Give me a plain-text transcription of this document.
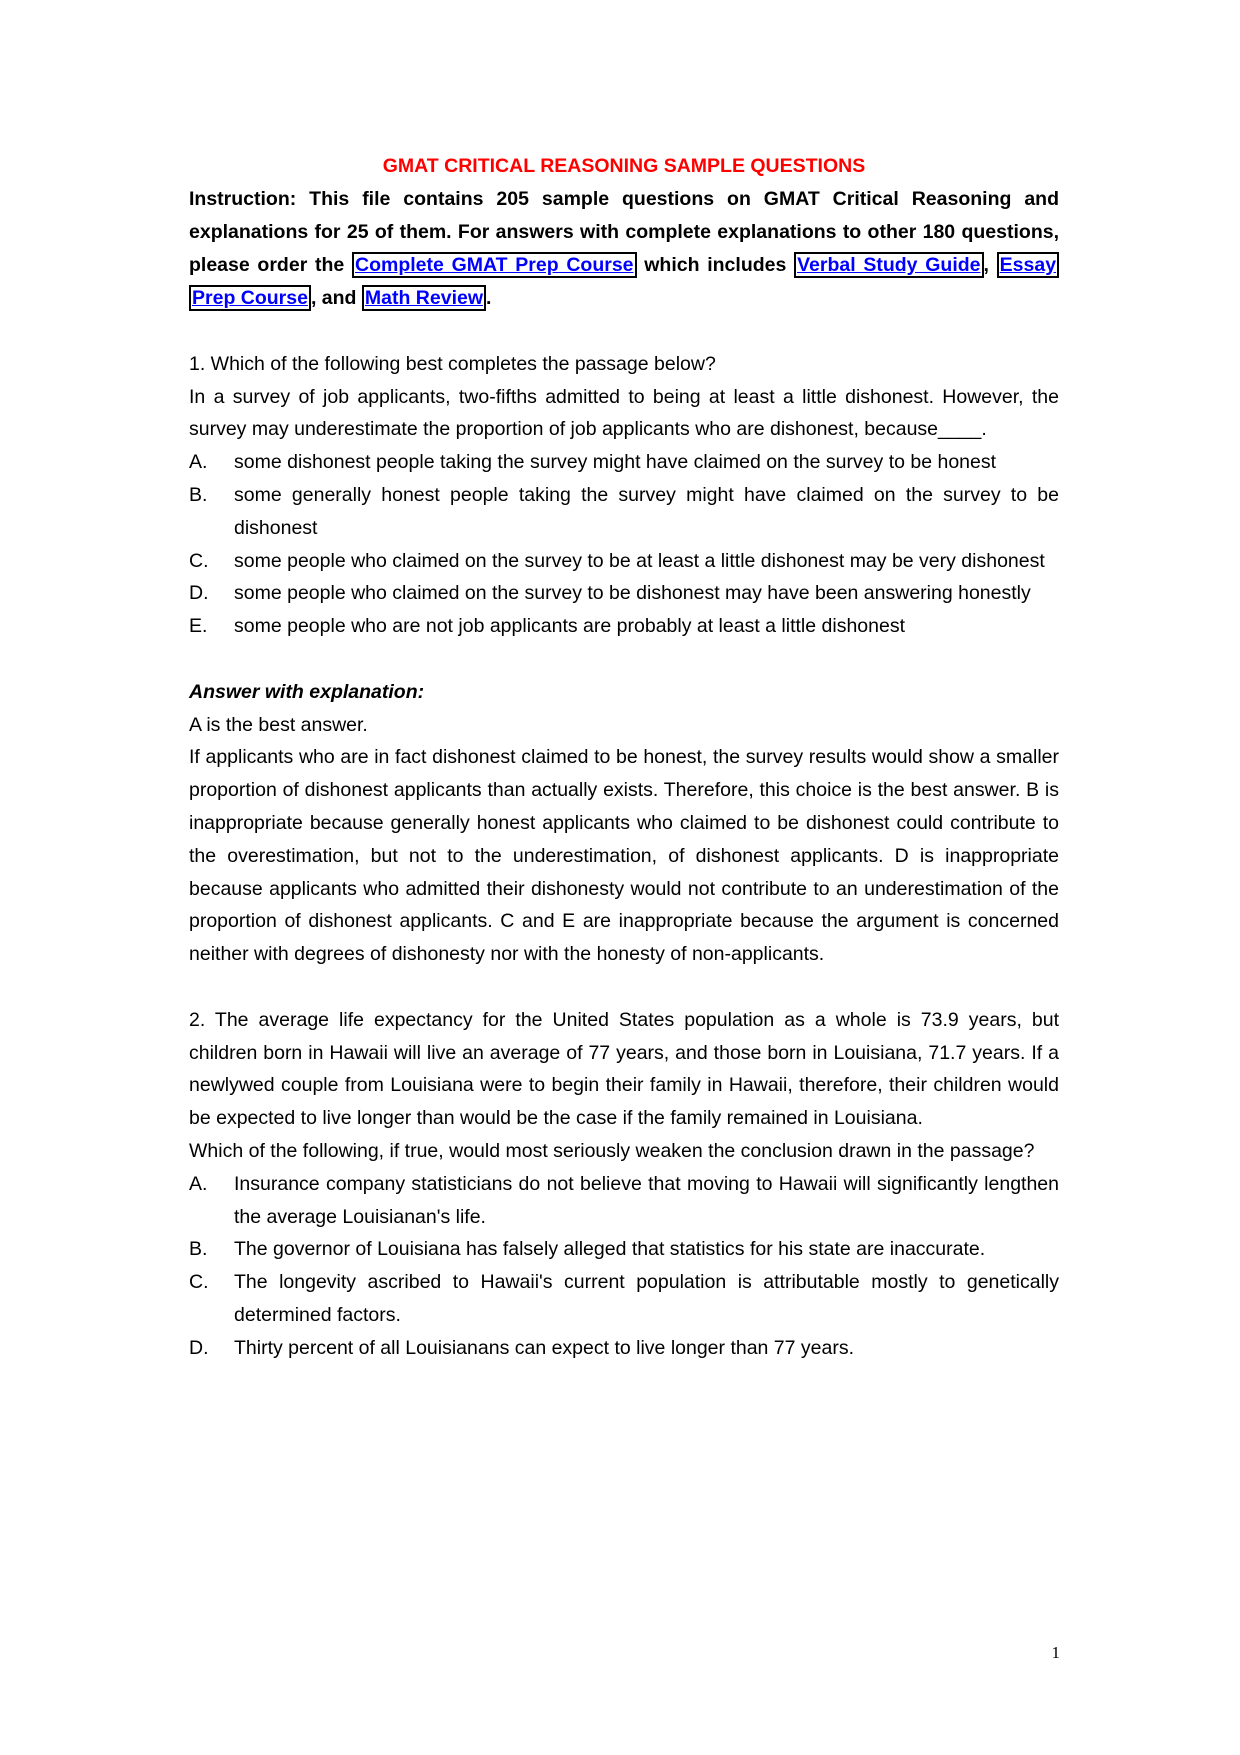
GMAT CRITICAL REASONING SAMPLE QUESTIONS
Instruction: This file contains 205 sample questions on GMAT Critical Reasoning and explanations for 25 of them. For answers with complete explanations to other 180 questions, please order the Complete GMAT Prep Course which includes Verbal Study Guide , Essay Prep Course , and Math Review .

1. Which of the following best completes the passage below?

In a survey of job applicants, two-fifths admitted to being at least a little dishonest. However, the survey may underestimate the proportion of job applicants who are dishonest, because____.

A.	some dishonest people taking the survey might have claimed on the survey to be honest
B.	some generally honest people taking the survey might have claimed on the survey to be dishonest
C.	some people who claimed on the survey to be at least a little dishonest may be very dishonest
D.	some people who claimed on the survey to be dishonest may have been answering honestly
E.	some people who are not job applicants are probably at least a little dishonest

Answer with explanation:

A is the best answer.

If applicants who are in fact dishonest claimed to be honest, the survey results would show a smaller proportion of dishonest applicants than actually exists. Therefore, this choice is the best answer. B is inappropriate because generally honest applicants who claimed to be dishonest could contribute to the overestimation, but not to the underestimation, of dishonest applicants. D is inappropriate because applicants who admitted their dishonesty would not contribute to an underestimation of the proportion of dishonest applicants. C and E are inappropriate because the argument is concerned neither with degrees of dishonesty nor with the honesty of non-applicants.

2. The average life expectancy for the United States population as a whole is 73.9 years, but children born in Hawaii will live an average of 77 years, and those born in Louisiana, 71.7 years. If a newlywed couple from Louisiana were to begin their family in Hawaii, therefore, their children would be expected to live longer than would be the case if the family remained in Louisiana.

Which of the following, if true, would most seriously weaken the conclusion drawn in the passage?

A.	Insurance company statisticians do not believe that moving to Hawaii will significantly lengthen the average Louisianan's life.
B.	The governor of Louisiana has falsely alleged that statistics for his state are inaccurate.
C.	The longevity ascribed to Hawaii's current population is attributable mostly to genetically determined factors.
D.	Thirty percent of all Louisianans can expect to live longer than 77 years.
1
